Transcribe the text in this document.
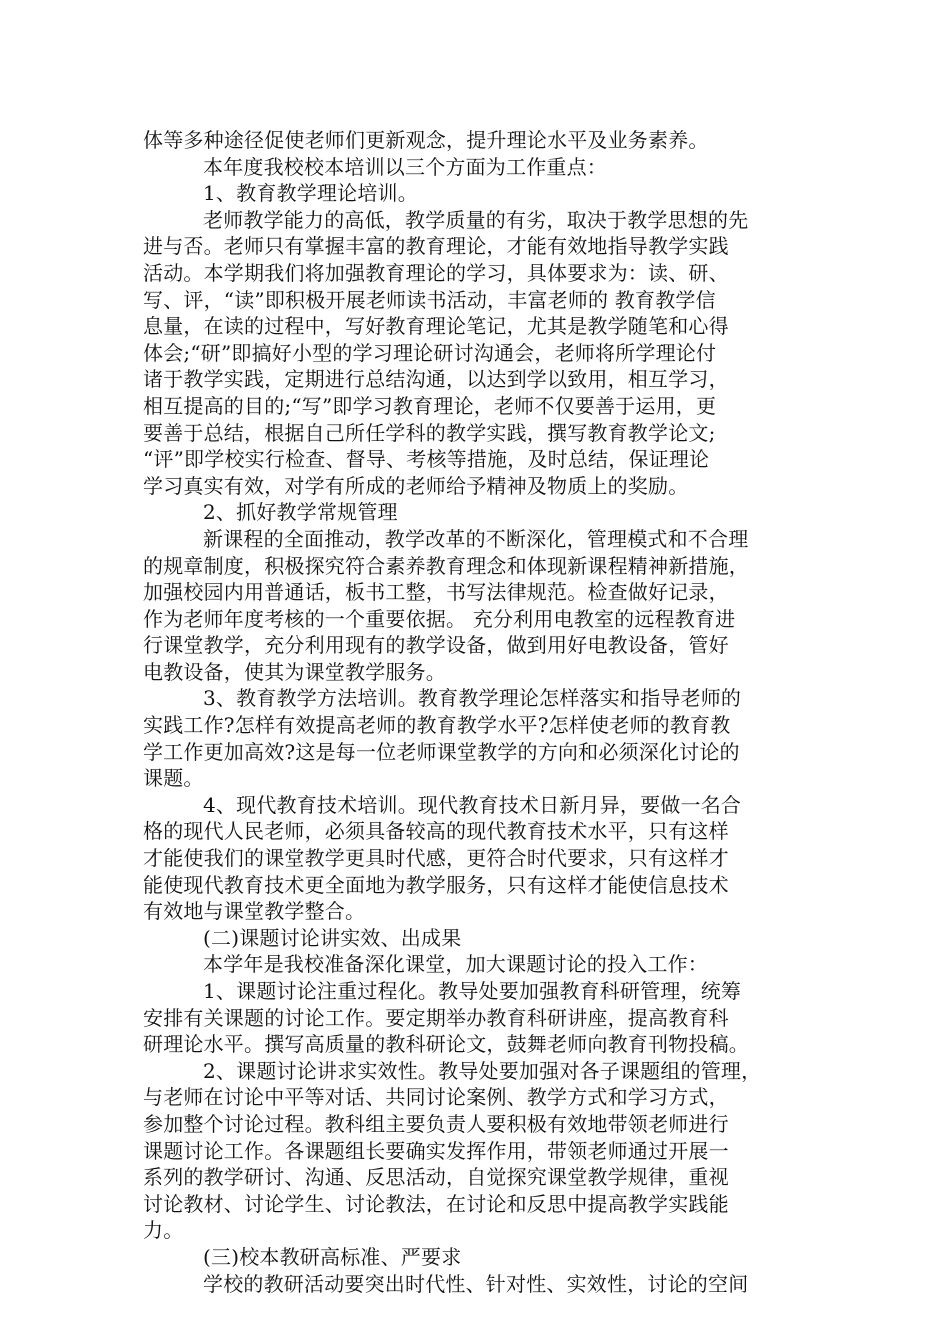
体等多种途径促使老师们更新观念，提升理论水平及业务素养。
本年度我校校本培训以三个方面为工作重点：
1、教育教学理论培训。
老师教学能力的高低，教学质量的有劣，取决于教学思想的先
进与否。老师只有掌握丰富的教育理论，才能有效地指导教学实践
活动。本学期我们将加强教育理论的学习，具体要求为：读、研、
写、评，“读”即积极开展老师读书活动，丰富老师的 教育教学信
息量，在读的过程中，写好教育理论笔记，尤其是教学随笔和心得
体会;“研”即搞好小型的学习理论研讨沟通会，老师将所学理论付
诸于教学实践，定期进行总结沟通，以达到学以致用，相互学习，
相互提高的目的;“写”即学习教育理论，老师不仅要善于运用，更
要善于总结，根据自己所任学科的教学实践，撰写教育教学论文;
“评”即学校实行检查、督导、考核等措施，及时总结，保证理论
学习真实有效，对学有所成的老师给予精神及物质上的奖励。
2、抓好教学常规管理
新课程的全面推动，教学改革的不断深化，管理模式和不合理
的规章制度，积极探究符合素养教育理念和体现新课程精神新措施，
加强校园内用普通话，板书工整，书写法律规范。检查做好记录，
作为老师年度考核的一个重要依据。 充分利用电教室的远程教育进
行课堂教学，充分利用现有的教学设备，做到用好电教设备，管好
电教设备，使其为课堂教学服务。
3、教育教学方法培训。教育教学理论怎样落实和指导老师的
实践工作?怎样有效提高老师的教育教学水平?怎样使老师的教育教
学工作更加高效?这是每一位老师课堂教学的方向和必须深化讨论的
课题。
4、现代教育技术培训。现代教育技术日新月异，要做一名合
格的现代人民老师，必须具备较高的现代教育技术水平，只有这样
才能使我们的课堂教学更具时代感，更符合时代要求，只有这样才
能使现代教育技术更全面地为教学服务，只有这样才能使信息技术
有效地与课堂教学整合。
(二)课题讨论讲实效、出成果
本学年是我校准备深化课堂，加大课题讨论的投入工作：
1、课题讨论注重过程化。教导处要加强教育科研管理，统筹
安排有关课题的讨论工作。要定期举办教育科研讲座，提高教育科
研理论水平。撰写高质量的教科研论文，鼓舞老师向教育刊物投稿。
2、课题讨论讲求实效性。教导处要加强对各子课题组的管理，
与老师在讨论中平等对话、共同讨论案例、教学方式和学习方式，
参加整个讨论过程。教科组主要负责人要积极有效地带领老师进行
课题讨论工作。各课题组长要确实发挥作用，带领老师通过开展一
系列的教学研讨、沟通、反思活动，自觉探究课堂教学规律，重视
讨论教材、讨论学生、讨论教法，在讨论和反思中提高教学实践能
力。
(三)校本教研高标准、严要求
学校的教研活动要突出时代性、针对性、实效性，讨论的空间
